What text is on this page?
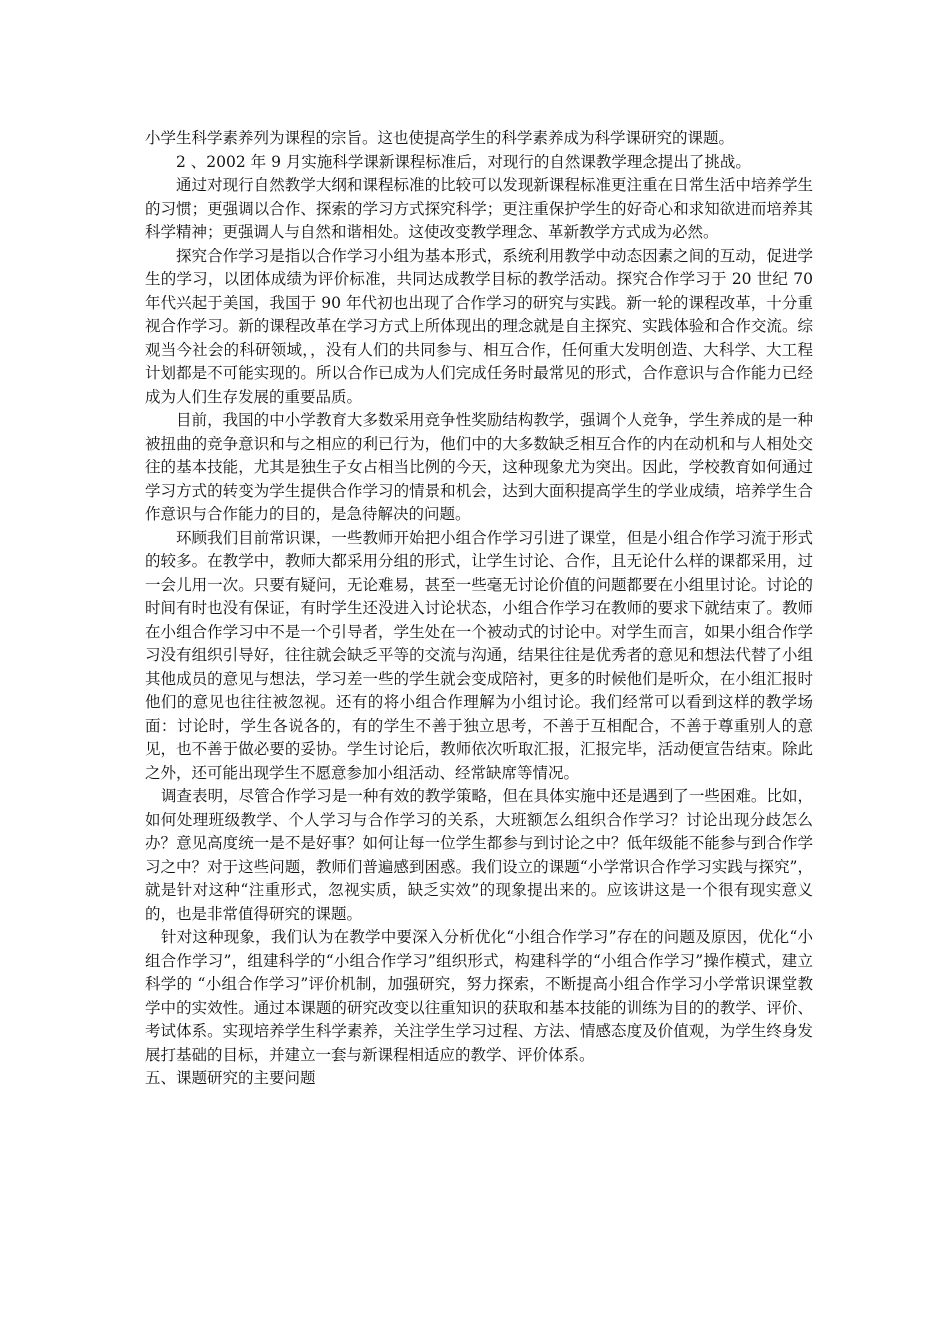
小学生科学素养列为课程的宗旨。这也使提高学生的科学素养成为科学课研究的课题。

2 、2002 年 9 月实施科学课新课程标准后，对现行的自然课教学理念提出了挑战。

通过对现行自然教学大纲和课程标准的比较可以发现新课程标准更注重在日常生活中培养学生的习惯；更强调以合作、探索的学习方式探究科学；更注重保护学生的好奇心和求知欲进而培养其科学精神；更强调人与自然和谐相处。这使改变教学理念、革新教学方式成为必然。

探究合作学习是指以合作学习小组为基本形式，系统利用教学中动态因素之间的互动，促进学生的学习，以团体成绩为评价标准，共同达成教学目标的教学活动。探究合作学习于 20 世纪 70 年代兴起于美国，我国于 90 年代初也出现了合作学习的研究与实践。新一轮的课程改革，十分重视合作学习。新的课程改革在学习方式上所体现出的理念就是自主探究、实践体验和合作交流。综观当今社会的科研领域，，没有人们的共同参与、相互合作，任何重大发明创造、大科学、大工程计划都是不可能实现的。所以合作已成为人们完成任务时最常见的形式，合作意识与合作能力已经成为人们生存发展的重要品质。

目前，我国的中小学教育大多数采用竞争性奖励结构教学，强调个人竞争，学生养成的是一种被扭曲的竞争意识和与之相应的利已行为，他们中的大多数缺乏相互合作的内在动机和与人相处交往的基本技能，尤其是独生子女占相当比例的今天，这种现象尤为突出。因此，学校教育如何通过学习方式的转变为学生提供合作学习的情景和机会，达到大面积提高学生的学业成绩，培养学生合作意识与合作能力的目的，是急待解决的问题。

环顾我们目前常识课，一些教师开始把小组合作学习引进了课堂，但是小组合作学习流于形式的较多。在教学中，教师大都采用分组的形式，让学生讨论、合作，且无论什么样的课都采用，过一会儿用一次。只要有疑问，无论难易，甚至一些毫无讨论价值的问题都要在小组里讨论。讨论的时间有时也没有保证，有时学生还没进入讨论状态，小组合作学习在教师的要求下就结束了。教师在小组合作学习中不是一个引导者，学生处在一个被动式的讨论中。对学生而言，如果小组合作学习没有组织引导好，往往就会缺乏平等的交流与沟通，结果往往是优秀者的意见和想法代替了小组其他成员的意见与想法，学习差一些的学生就会变成陪衬，更多的时候他们是听众，在小组汇报时他们的意见也往往被忽视。还有的将小组合作理解为小组讨论。我们经常可以看到这样的教学场面：讨论时，学生各说各的，有的学生不善于独立思考，不善于互相配合，不善于尊重别人的意见，也不善于做必要的妥协。学生讨论后，教师依次听取汇报，汇报完毕，活动便宣告结束。除此之外，还可能出现学生不愿意参加小组活动、经常缺席等情况。

调查表明，尽管合作学习是一种有效的教学策略，但在具体实施中还是遇到了一些困难。比如，如何处理班级教学、个人学习与合作学习的关系，大班额怎么组织合作学习？讨论出现分歧怎么办？意见高度统一是不是好事？如何让每一位学生都参与到讨论之中？低年级能不能参与到合作学习之中？对于这些问题，教师们普遍感到困惑。我们设立的课题“小学常识合作学习实践与探究”，就是针对这种“注重形式，忽视实质，缺乏实效”的现象提出来的。应该讲这是一个很有现实意义的，也是非常值得研究的课题。

针对这种现象，我们认为在教学中要深入分析优化“小组合作学习”存在的问题及原因，优化“小组合作学习”，组建科学的“小组合作学习”组织形式，构建科学的“小组合作学习”操作模式，建立科学的 “小组合作学习”评价机制，加强研究，努力探索，不断提高小组合作学习小学常识课堂教学中的实效性。通过本课题的研究改变以往重知识的获取和基本技能的训练为目的的教学、评价、考试体系。实现培养学生科学素养，关注学生学习过程、方法、情感态度及价值观，为学生终身发展打基础的目标，并建立一套与新课程相适应的教学、评价体系。

五、课题研究的主要问题
